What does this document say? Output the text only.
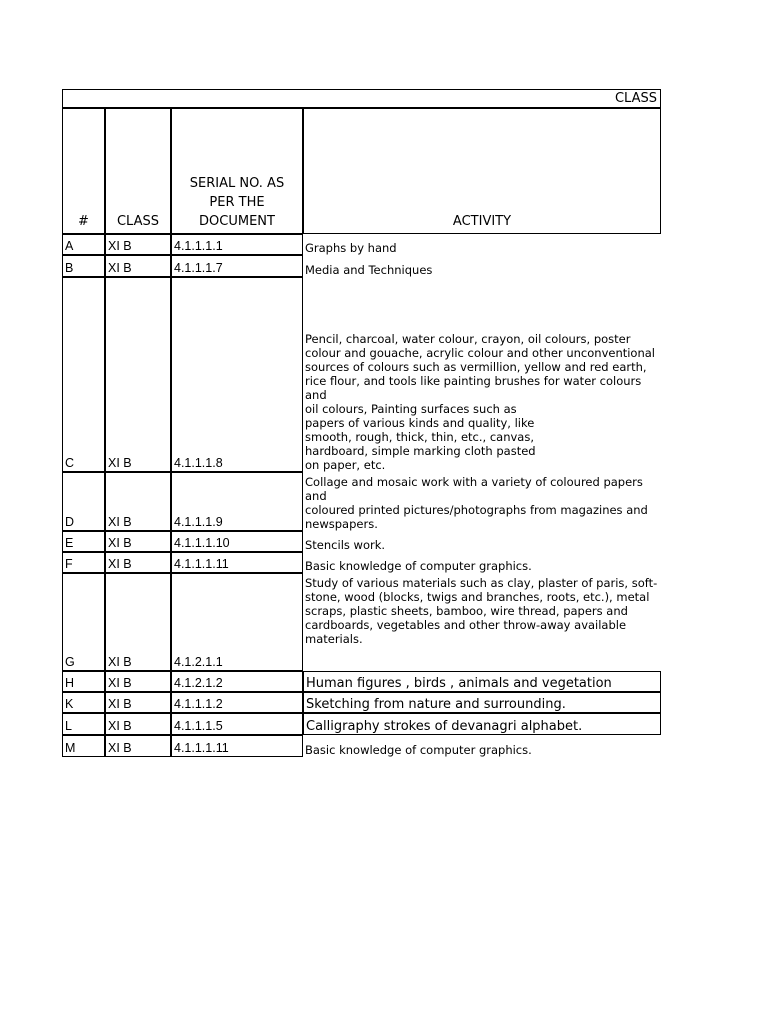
CLASS
#	CLASS
SERIAL NO. AS PER THE DOCUMENT	ACTIVITY
A	XI B	4.1.1.1.1	Graphs by hand
B	XI B	4.1.1.1.7	Media and Techniques
C	XI B	4.1.1.1.8
Pencil, charcoal, water colour, crayon, oil colours, poster
colour and gouache, acrylic colour and other unconventional
sources of colours such as vermillion, yellow and red earth,
rice flour, and tools like painting brushes for water colours and
oil colours, Painting surfaces such as
papers of various kinds and quality, like
smooth, rough, thick, thin, etc., canvas,
hardboard, simple marking cloth pasted
on paper, etc.
D	XI B	4.1.1.1.9
Collage and mosaic work with a variety of coloured papers and
coloured printed pictures/photographs from magazines and
newspapers.
E	XI B	4.1.1.1.10	Stencils work.
F	XI B	4.1.1.1.11	Basic knowledge of computer graphics.
G	XI B	4.1.2.1.1
Study of various materials such as clay, plaster of paris, soft-
stone, wood (blocks, twigs and branches, roots, etc.), metal
scraps, plastic sheets, bamboo, wire thread, papers and
cardboards, vegetables and other throw-away available
materials.
H	XI B	4.1.2.1.2	Human figures , birds , animals and vegetation
K	XI B	4.1.1.1.2	Sketching from nature and surrounding.
L	XI B	4.1.1.1.5	Calligraphy strokes of devanagri alphabet.
M	XI B	4.1.1.1.11	Basic knowledge of computer graphics.
